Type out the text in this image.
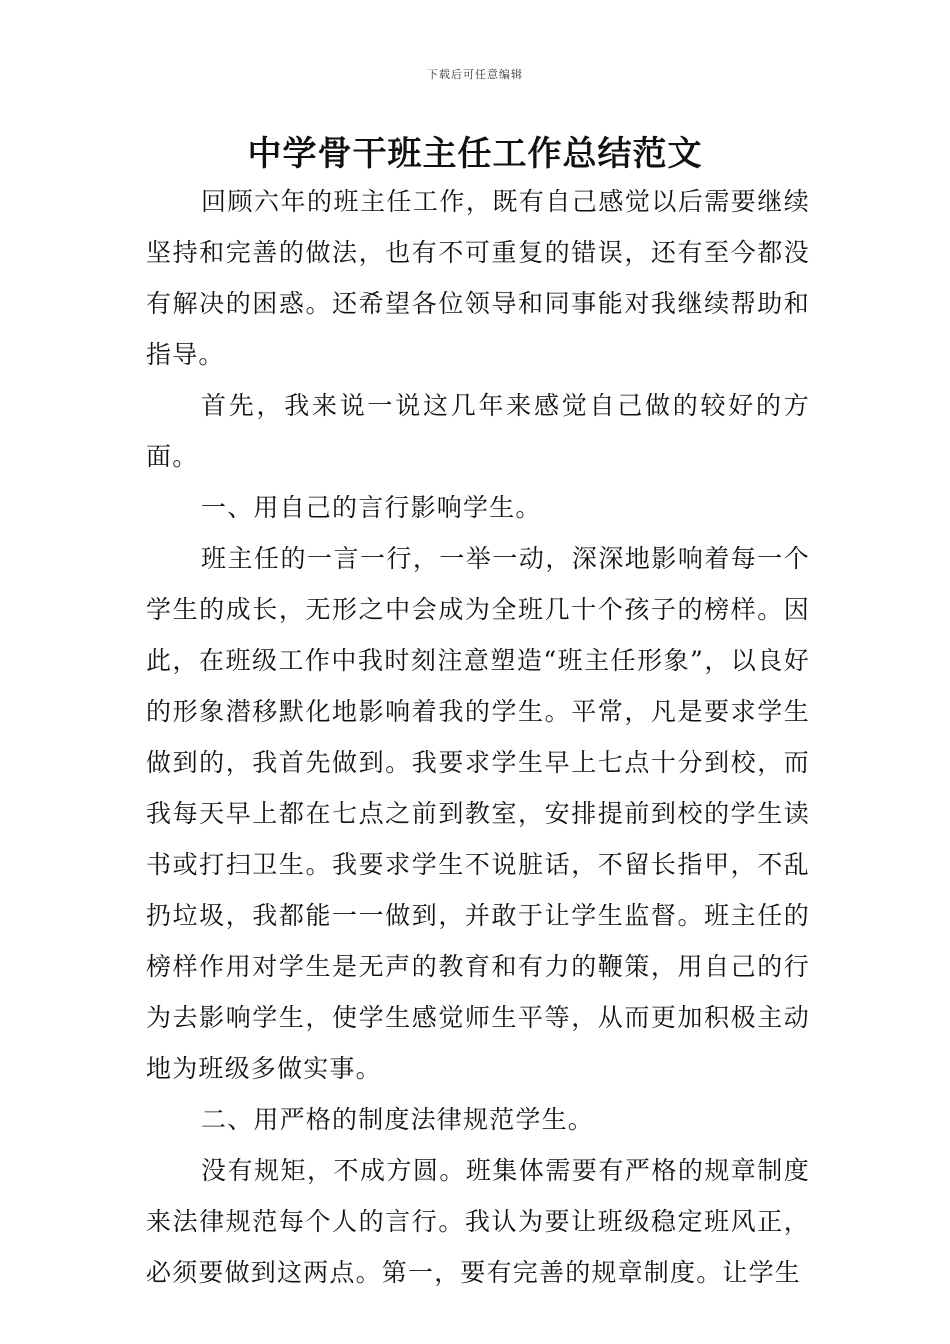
下载后可任意编辑
中学骨干班主任工作总结范文

回顾六年的班主任工作，既有自己感觉以后需要继续坚持和完善的做法，也有不可重复的错误，还有至今都没有解决的困惑。还希望各位领导和同事能对我继续帮助和指导。

首先，我来说一说这几年来感觉自己做的较好的方面。

一、用自己的言行影响学生。

班主任的一言一行，一举一动，深深地影响着每一个学生的成长，无形之中会成为全班几十个孩子的榜样。因此，在班级工作中我时刻注意塑造“班主任形象”，以良好的形象潜移默化地影响着我的学生。平常，凡是要求学生做到的，我首先做到。我要求学生早上七点十分到校，而我每天早上都在七点之前到教室，安排提前到校的学生读书或打扫卫生。我要求学生不说脏话，不留长指甲，不乱扔垃圾，我都能一一做到，并敢于让学生监督。班主任的榜样作用对学生是无声的教育和有力的鞭策，用自己的行为去影响学生，使学生感觉师生平等，从而更加积极主动地为班级多做实事。

二、用严格的制度法律规范学生。

没有规矩，不成方圆。班集体需要有严格的规章制度来法律规范每个人的言行。我认为要让班级稳定班风正，必须要做到这两点。第一，要有完善的规章制度。让学生
